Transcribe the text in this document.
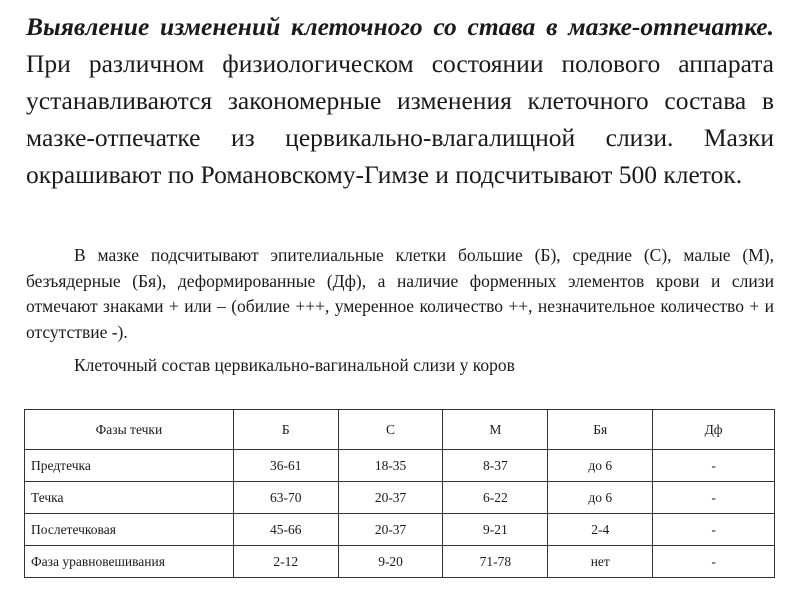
Выявление изменений клеточного со става в мазке-отпечатке. При различном физиологическом состоянии полового аппарата устанавливаются закономерные изменения клеточного состава в мазке-отпечатке из цервикально-влагалищной слизи. Мазки окрашивают по Романовскому-Гимзе и подсчитывают 500 клеток.

В мазке подсчитывают эпителиальные клетки большие (Б), средние (С), малые (М), безъядерные (Бя), деформированные (Дф), а наличие форменных элементов крови и слизи отмечают знаками + или – (обилие +++, умеренное количество ++, незначительное количество + и отсутствие -).

Клеточный состав цервикально-вагинальной слизи у коров

Фазы течки	Б	С	М	Бя	Дф
Предтечка	36-61	18-35	8-37	до 6	-
Течка	63-70	20-37	6-22	до 6	-
Послетечковая	45-66	20-37	9-21	2-4	-
Фаза уравновешивания	2-12	9-20	71-78	нет	-
